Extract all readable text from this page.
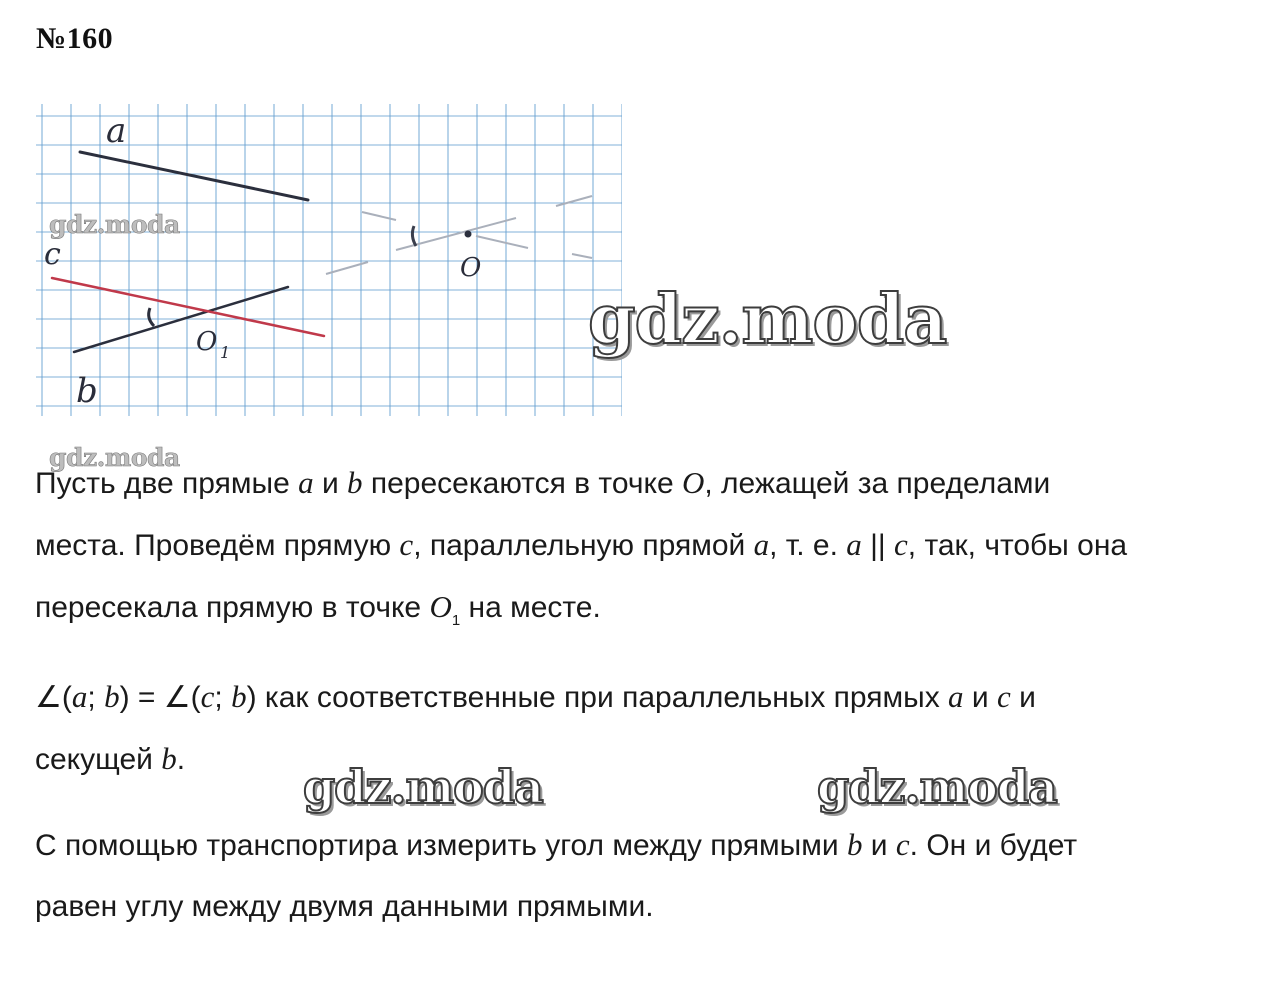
№160
a
c
b
O
O 1
gdz.moda
gdz.moda
gdz.moda
Пусть две прямые a и b пересекаются в точке O, лежащей за пределами
места. Проведём прямую c, параллельную прямой a, т. е. a || c, так, чтобы она
пересекала прямую в точке $O_1$ на месте.
∠(a; b) = ∠(c; b) как соответственные при параллельных прямых a и c и
секущей b.
gdz.moda	gdz.moda
С помощью транспортира измерить угол между прямыми b и c. Он и будет
равен углу между двумя данными прямыми.
